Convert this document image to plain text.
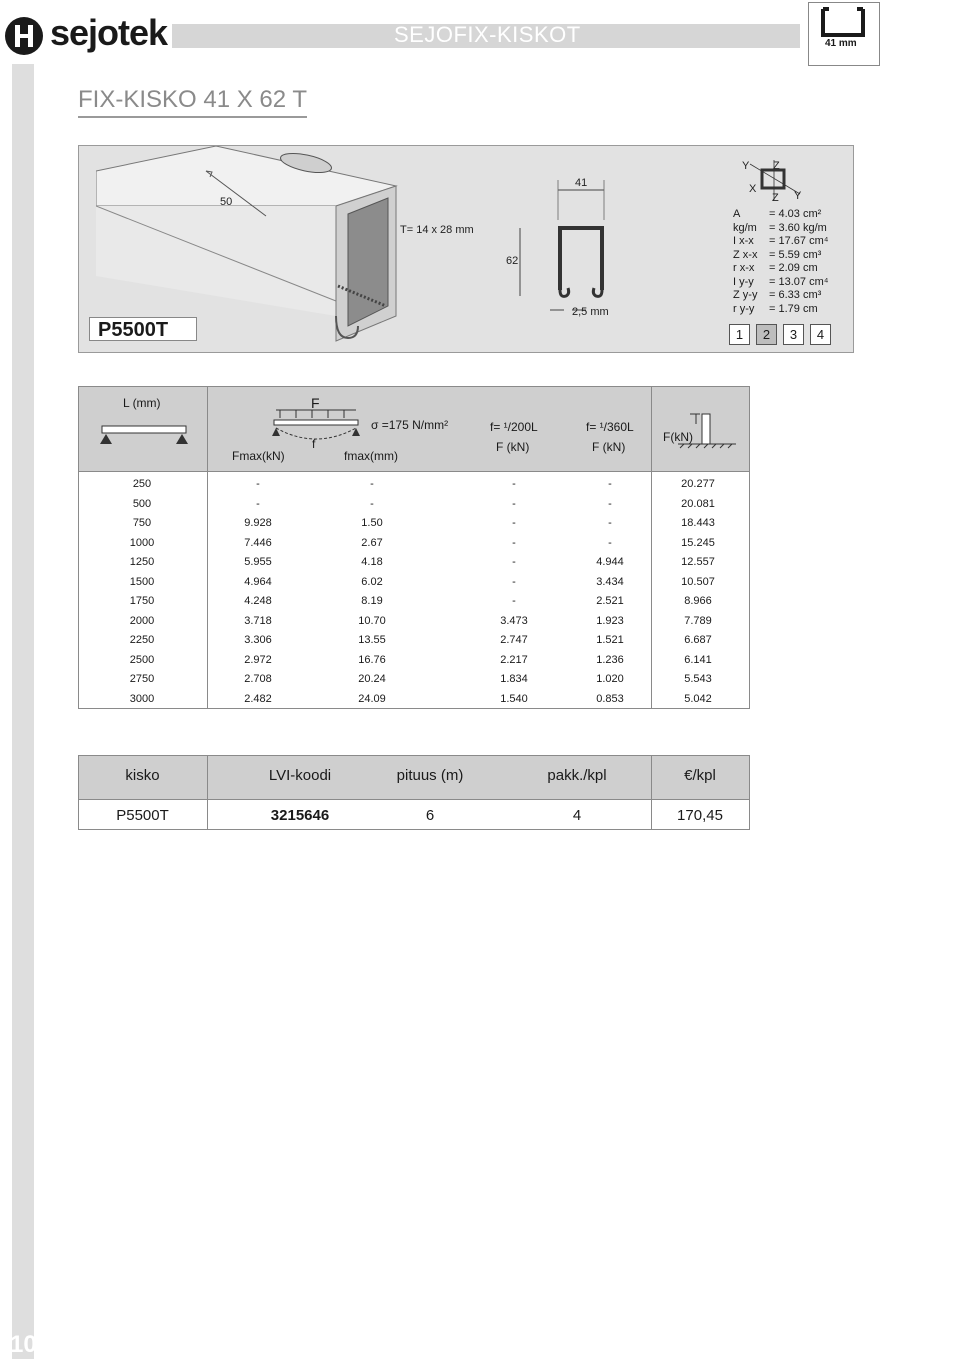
sejotek	SEJOFIX-KISKOT	41 mm
10
FIX-KISKO 41 X 62 T
50
T= 14 x 28 mm
41
62
2,5 mm
Y Z
X
Z Y
A	= 4.03 cm²
kg/m	= 3.60 kg/m
I x-x	= 17.67 cm⁴
Z x-x	= 5.59 cm³
r x-x	= 2.09 cm
I y-y	= 13.07 cm⁴
Z y-y	= 6.33 cm³
r y-y	= 1.79 cm
1	2	3	4
P5500T
L (mm)	F
f
σ =175 N/mm²
Fmax(kN)	fmax(mm)
f= ¹/200L
F (kN)
f= ¹/360L
F (kN)
F(kN)
250	-	-	-	-	20.277
500	-	-	-	-	20.081
750	9.928	1.50	-	-	18.443
1000	7.446	2.67	-	-	15.245
1250	5.955	4.18	-	4.944	12.557
1500	4.964	6.02	-	3.434	10.507
1750	4.248	8.19	-	2.521	8.966
2000	3.718	10.70	3.473	1.923	7.789
2250	3.306	13.55	2.747	1.521	6.687
2500	2.972	16.76	2.217	1.236	6.141
2750	2.708	20.24	1.834	1.020	5.543
3000	2.482	24.09	1.540	0.853	5.042
kisko	LVI-koodi	pituus (m)	pakk./kpl	€/kpl
P5500T	3215646	6	4	170,45
